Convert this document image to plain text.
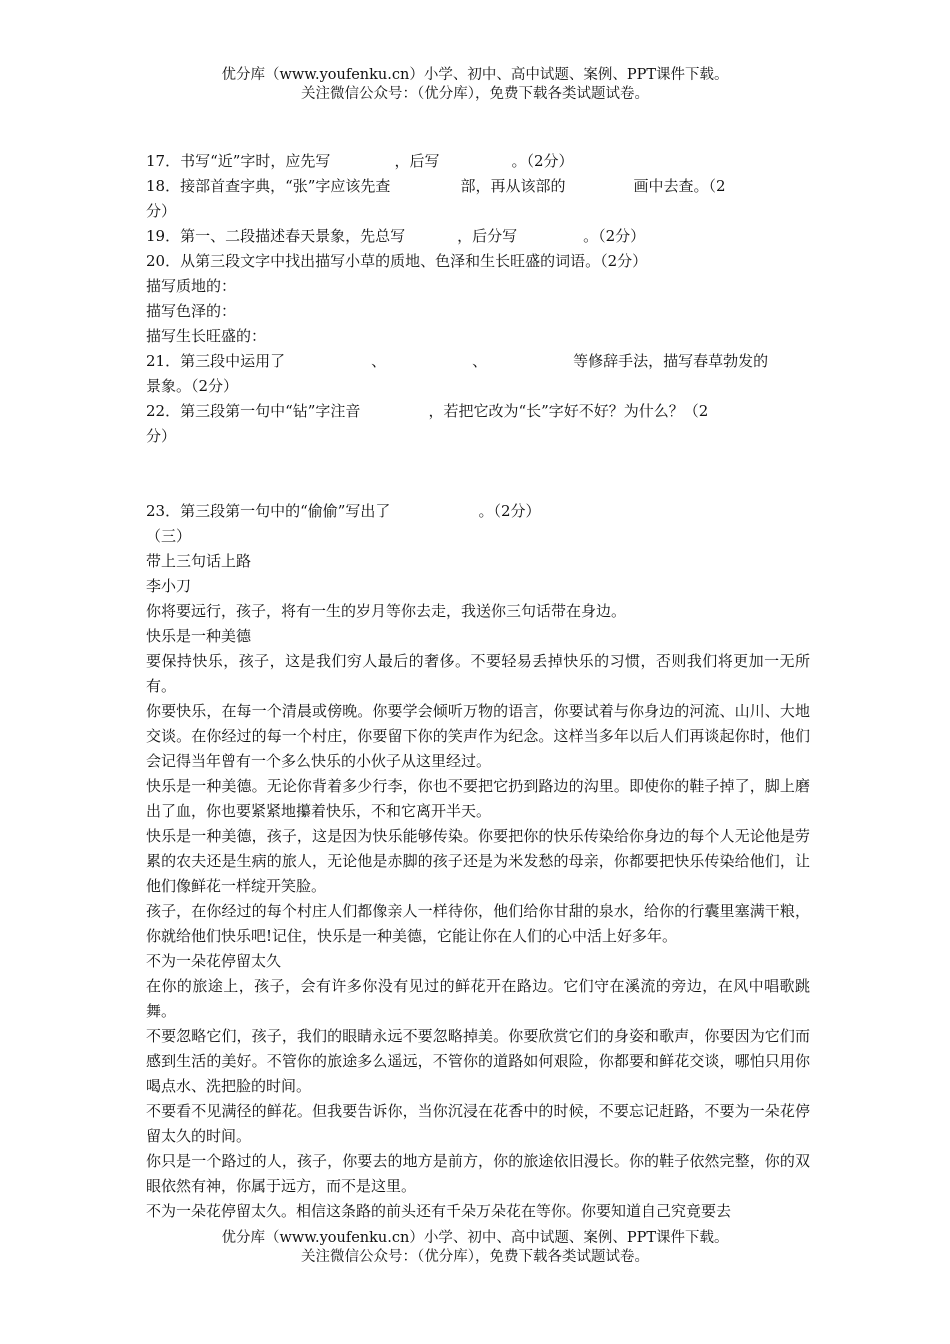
优分库（www.youfenku.cn）小学、初中、高中试题、案例、PPT课件下载。
关注微信公众号：（优分库），免费下载各类试题试卷。
17．书写“近”字时，应先写	，后写	。（2分）
18．接部首查字典，“张”字应该先查	部，再从该部的	画中去查。（2
分）
19．第一、二段描述春天景象，先总写	，后分写	。（2分）
20．从第三段文字中找出描写小草的质地、色泽和生长旺盛的词语。（2分）
描写质地的：
描写色泽的：
描写生长旺盛的：
21．第三段中运用了	、	、	等修辞手法，描写春草勃发的
景象。（2分）
22．第三段第一句中“钻”字注音	，若把它改为“长”字好不好？为什么？（2
分）
23．第三段第一句中的“偷偷”写出了	。（2分）
（三）
带上三句话上路
李小刀
你将要远行，孩子，将有一生的岁月等你去走，我送你三句话带在身边。
快乐是一种美德
要保持快乐，孩子，这是我们穷人最后的奢侈。不要轻易丢掉快乐的习惯，否则我们将更加一无所有。
你要快乐，在每一个清晨或傍晚。你要学会倾听万物的语言，你要试着与你身边的河流、山川、大地交谈。在你经过的每一个村庄，你要留下你的笑声作为纪念。这样当多年以后人们再谈起你时，他们会记得当年曾有一个多么快乐的小伙子从这里经过。
快乐是一种美德。无论你背着多少行李，你也不要把它扔到路边的沟里。即使你的鞋子掉了，脚上磨出了血，你也要紧紧地攥着快乐，不和它离开半天。
快乐是一种美德，孩子，这是因为快乐能够传染。你要把你的快乐传染给你身边的每个人无论他是劳累的农夫还是生病的旅人，无论他是赤脚的孩子还是为米发愁的母亲，你都要把快乐传染给他们，让他们像鲜花一样绽开笑脸。
孩子，在你经过的每个村庄人们都像亲人一样待你，他们给你甘甜的泉水，给你的行囊里塞满干粮，你就给他们快乐吧!记住，快乐是一种美德，它能让你在人们的心中活上好多年。
不为一朵花停留太久
在你的旅途上，孩子，会有许多你没有见过的鲜花开在路边。它们守在溪流的旁边，在风中唱歌跳舞。
不要忽略它们，孩子，我们的眼睛永远不要忽略掉美。你要欣赏它们的身姿和歌声，你要因为它们而感到生活的美好。不管你的旅途多么遥远，不管你的道路如何艰险，你都要和鲜花交谈，哪怕只用你喝点水、洗把脸的时间。
不要看不见满径的鲜花。但我要告诉你，当你沉浸在花香中的时候，不要忘记赶路，不要为一朵花停留太久的时间。
你只是一个路过的人，孩子，你要去的地方是前方，你的旅途依旧漫长。你的鞋子依然完整，你的双眼依然有神，你属于远方，而不是这里。
不为一朵花停留太久。相信这条路的前头还有千朵万朵花在等你。你要知道自己究竟要去
优分库（www.youfenku.cn）小学、初中、高中试题、案例、PPT课件下载。
关注微信公众号：（优分库），免费下载各类试题试卷。
